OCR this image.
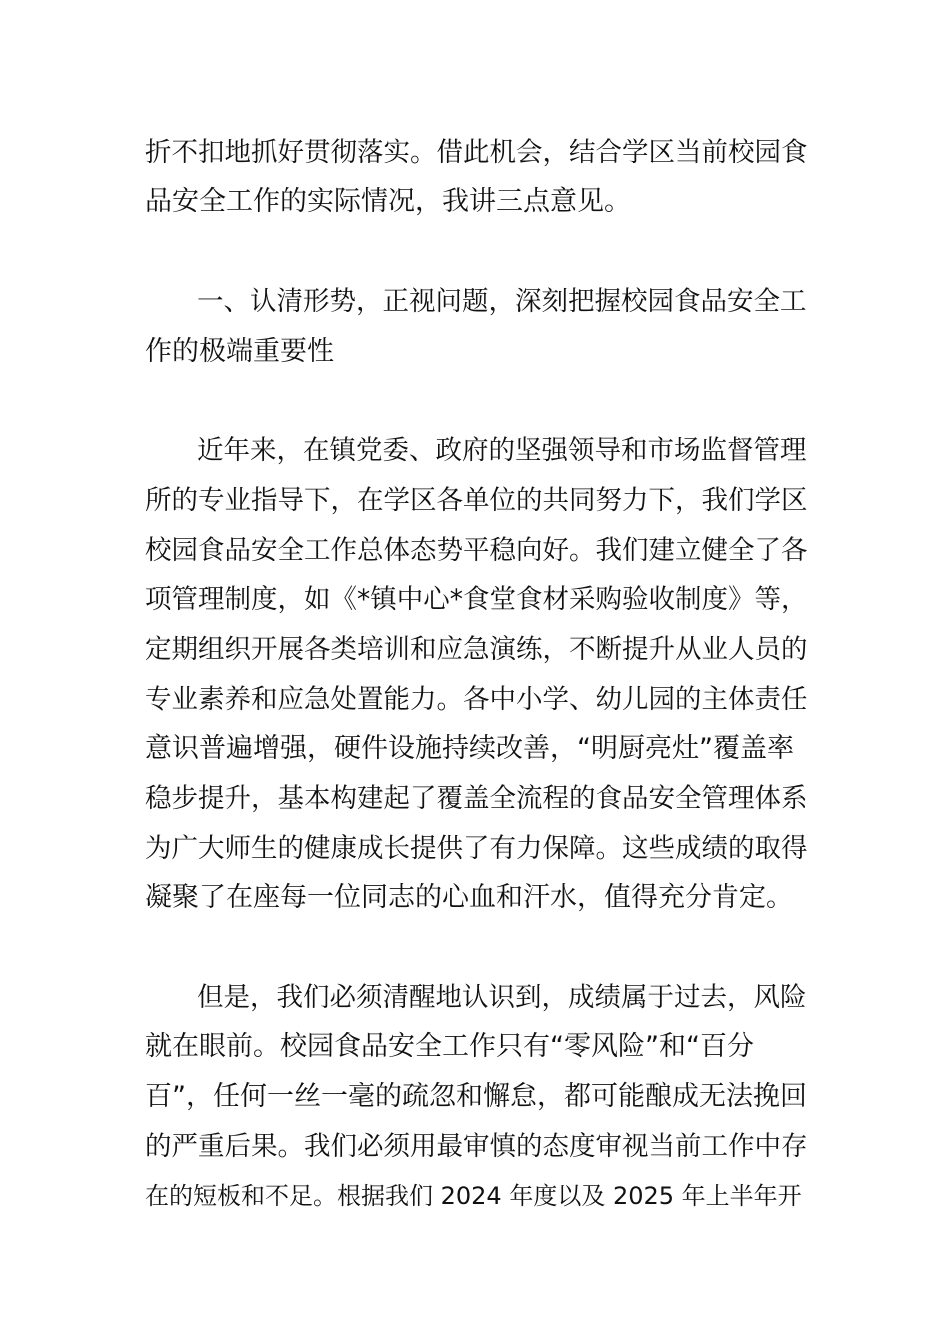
折不扣地抓好贯彻落实。借此机会，结合学区当前校园食
品安全工作的实际情况，我讲三点意见。
一、认清形势，正视问题，深刻把握校园食品安全工
作的极端重要性
近年来，在镇党委、政府的坚强领导和市场监督管理
所的专业指导下，在学区各单位的共同努力下，我们学区
校园食品安全工作总体态势平稳向好。我们建立健全了各
项管理制度，如《*镇中心*食堂食材采购验收制度》等，
定期组织开展各类培训和应急演练，不断提升从业人员的
专业素养和应急处置能力。各中小学、幼儿园的主体责任
意识普遍增强，硬件设施持续改善，“明厨亮灶”覆盖率
稳步提升，基本构建起了覆盖全流程的食品安全管理体系
为广大师生的健康成长提供了有力保障。这些成绩的取得
凝聚了在座每一位同志的心血和汗水，值得充分肯定。
但是，我们必须清醒地认识到，成绩属于过去，风险
就在眼前。校园食品安全工作只有“零风险”和“百分
百”，任何一丝一毫的疏忽和懈怠，都可能酿成无法挽回
的严重后果。我们必须用最审慎的态度审视当前工作中存
在的短板和不足。根据我们 2024 年度以及 2025 年上半年开
